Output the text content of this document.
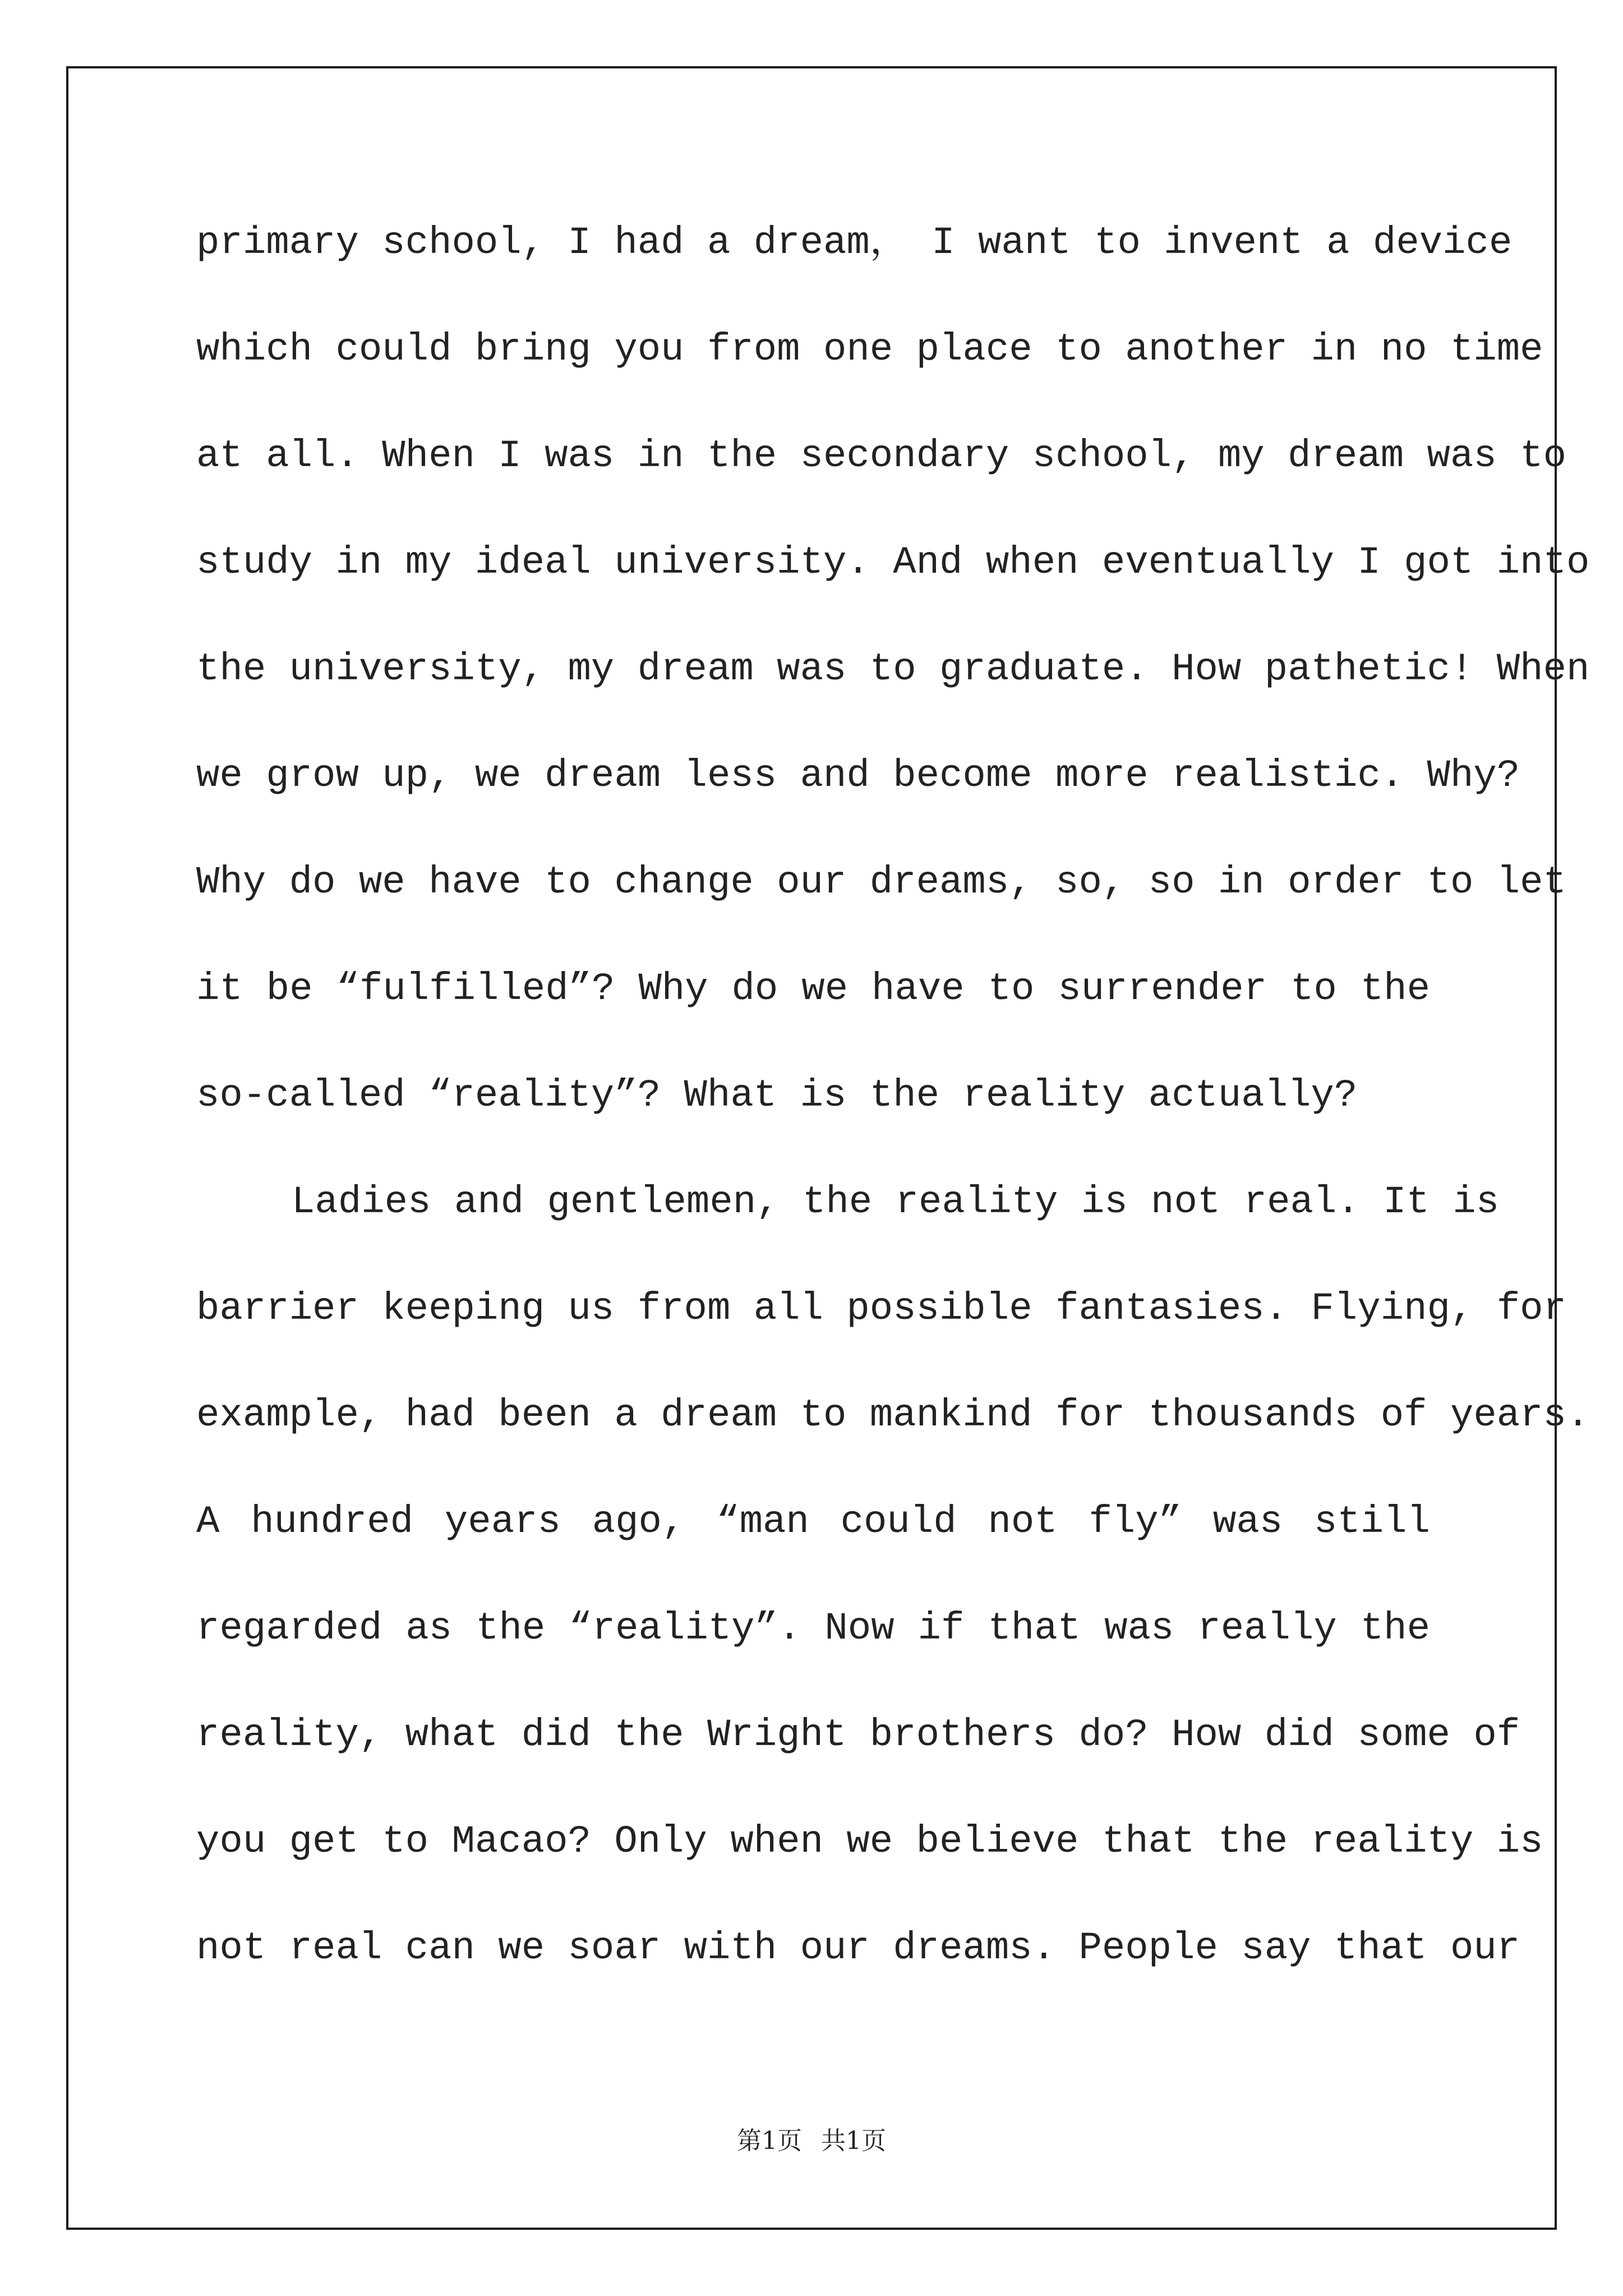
primary school, I had a dream， I want to invent a device
which could bring you from one place to another in no time
at all. When I was in the secondary school, my dream was to
study in my ideal university. And when eventually I got into
the university, my dream was to graduate. How pathetic! When
we grow up, we dream less and become more realistic. Why?
Why do we have to change our dreams, so, so in order to let
it be “fulfilled”? Why do we have to surrender to the
so-called “reality”? What is the reality actually?
Ladies and gentlemen, the reality is not real. It is
barrier keeping us from all possible fantasies. Flying, for
example, had been a dream to mankind for thousands of years.
A hundred years ago, “man could not fly” was still
regarded as the “reality”. Now if that was really the
reality, what did the Wright brothers do? How did some of
you get to Macao? Only when we believe that the reality is
not real can we soar with our dreams. People say that our
第1页 共1页
